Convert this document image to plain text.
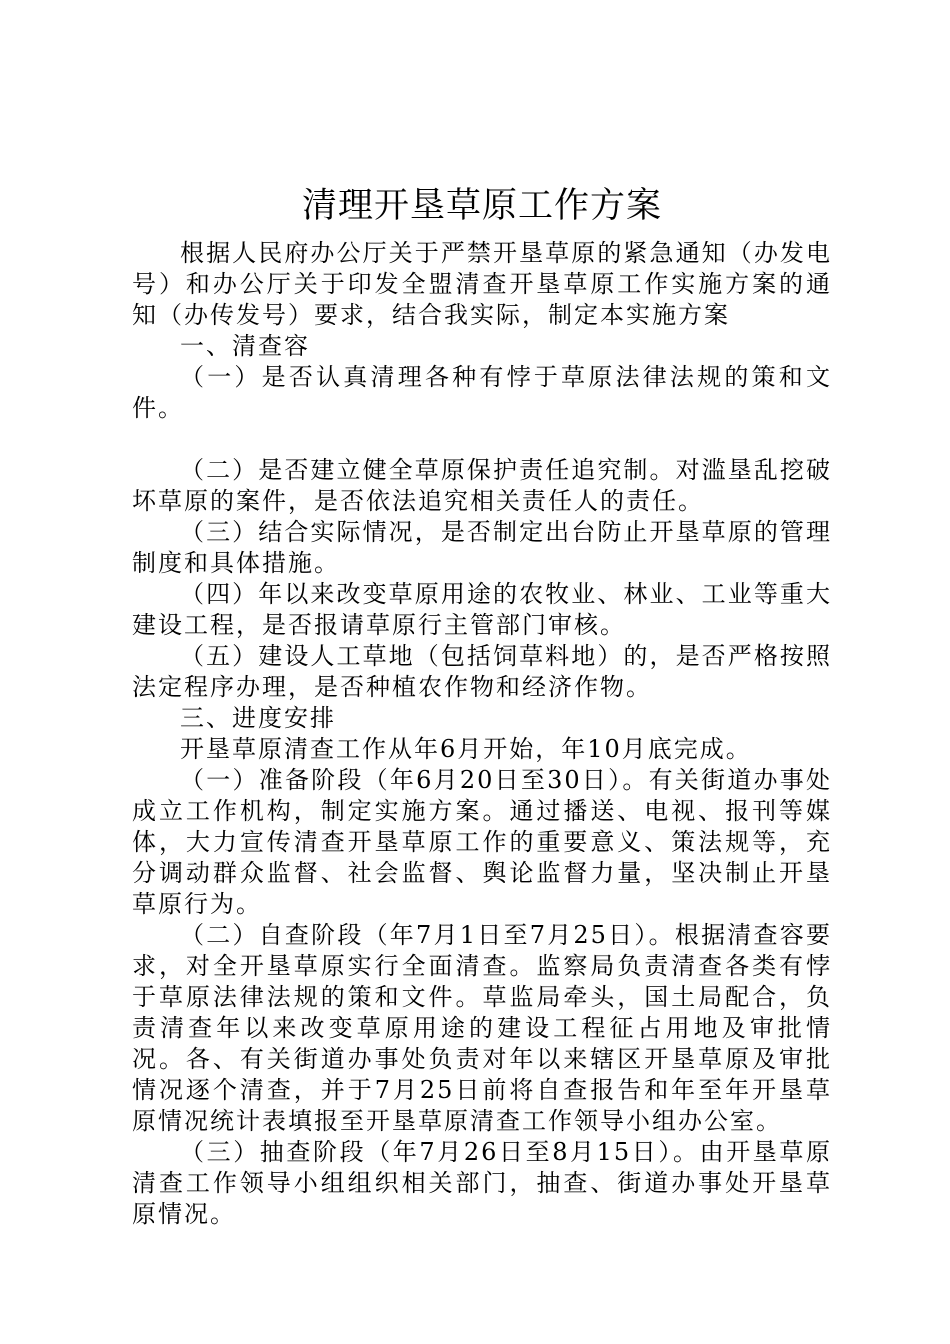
清理开垦草原工作方案

根据人民府办公厅关于严禁开垦草原的紧急通知（办发电号）和办公厅关于印发全盟清查开垦草原工作实施方案的通知（办传发号）要求，结合我实际，制定本实施方案

一、清查容

（一）是否认真清理各种有悖于草原法律法规的策和文件。

（二）是否建立健全草原保护责任追究制。对滥垦乱挖破坏草原的案件，是否依法追究相关责任人的责任。

（三）结合实际情况，是否制定出台防止开垦草原的管理制度和具体措施。

（四）年以来改变草原用途的农牧业、林业、工业等重大建设工程，是否报请草原行主管部门审核。

（五）建设人工草地（包括饲草料地）的，是否严格按照法定程序办理，是否种植农作物和经济作物。

三、进度安排

开垦草原清查工作从年6月开始，年10月底完成。

（一）准备阶段（年6月20日至30日）。有关街道办事处成立工作机构，制定实施方案。通过播送、电视、报刊等媒体，大力宣传清查开垦草原工作的重要意义、策法规等，充分调动群众监督、社会监督、舆论监督力量，坚决制止开垦草原行为。

（二）自查阶段（年7月1日至7月25日）。根据清查容要求，对全开垦草原实行全面清查。监察局负责清查各类有悖于草原法律法规的策和文件。草监局牵头，国土局配合，负责清查年以来改变草原用途的建设工程征占用地及审批情况。各、有关街道办事处负责对年以来辖区开垦草原及审批情况逐个清查，并于7月25日前将自查报告和年至年开垦草原情况统计表填报至开垦草原清查工作领导小组办公室。

（三）抽查阶段（年7月26日至8月15日）。由开垦草原清查工作领导小组组织相关部门，抽查、街道办事处开垦草原情况。
